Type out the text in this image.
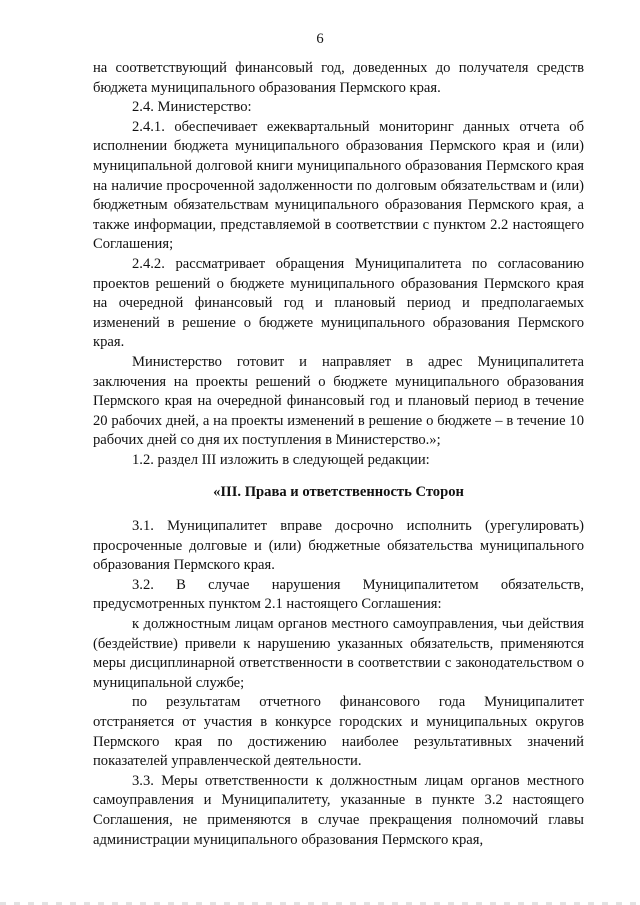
6

на соответствующий финансовый год, доведенных до получателя средств бюджета муниципального образования Пермского края.

2.4. Министерство:

2.4.1. обеспечивает ежеквартальный мониторинг данных отчета об исполнении бюджета муниципального образования Пермского края и (или) муниципальной долговой книги муниципального образования Пермского края на наличие просроченной задолженности по долговым обязательствам и (или) бюджетным обязательствам муниципального образования Пермского края, а также информации, представляемой в соответствии с пунктом 2.2 настоящего Соглашения;

2.4.2. рассматривает обращения Муниципалитета по согласованию проектов решений о бюджете муниципального образования Пермского края на очередной финансовый год и плановый период и предполагаемых изменений в решение о бюджете муниципального образования Пермского края.

Министерство готовит и направляет в адрес Муниципалитета заключения на проекты решений о бюджете муниципального образования Пермского края на очередной финансовый год и плановый период в течение 20 рабочих дней, а на проекты изменений в решение о бюджете – в течение 10 рабочих дней со дня их поступления в Министерство.»;

1.2. раздел III изложить в следующей редакции:

«III. Права и ответственность Сторон

3.1. Муниципалитет вправе досрочно исполнить (урегулировать) просроченные долговые и (или) бюджетные обязательства муниципального образования Пермского края.

3.2. В случае нарушения Муниципалитетом обязательств, предусмотренных пунктом 2.1 настоящего Соглашения:

к должностным лицам органов местного самоуправления, чьи действия (бездействие) привели к нарушению указанных обязательств, применяются меры дисциплинарной ответственности в соответствии с законодательством о муниципальной службе;

по результатам отчетного финансового года Муниципалитет отстраняется от участия в конкурсе городских и муниципальных округов Пермского края по достижению наиболее результативных значений показателей управленческой деятельности.

3.3. Меры ответственности к должностным лицам органов местного самоуправления и Муниципалитету, указанные в пункте 3.2 настоящего Соглашения, не применяются в случае прекращения полномочий главы администрации муниципального образования Пермского края,
